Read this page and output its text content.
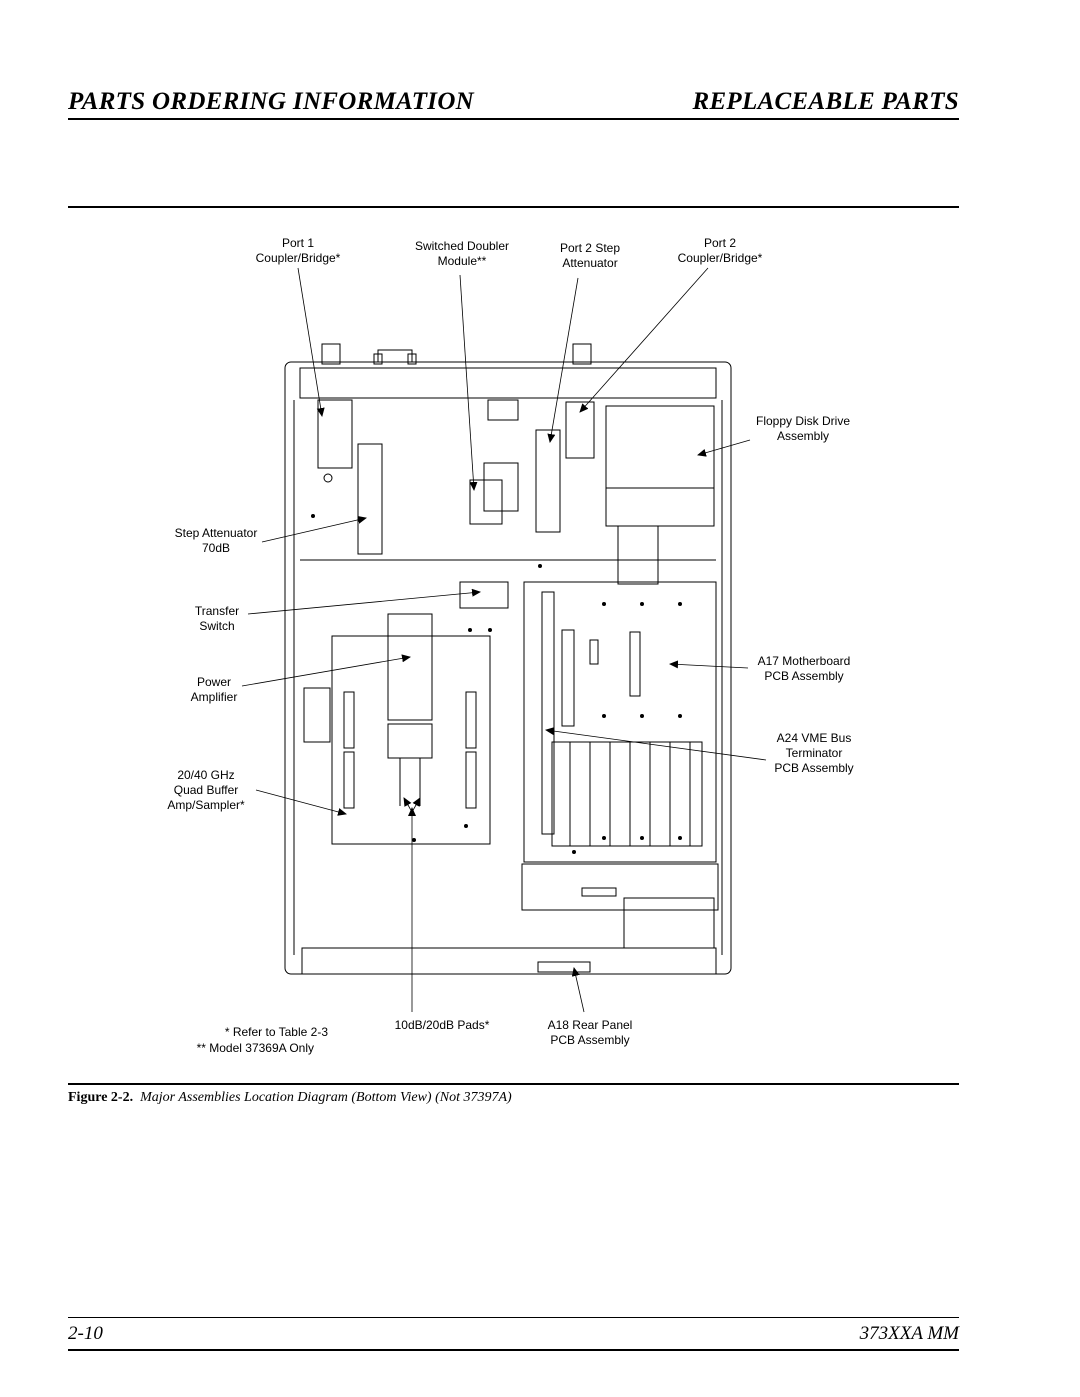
PARTS ORDERING INFORMATION	REPLACEABLE PARTS
Port 1
Coupler/Bridge*
Switched Doubler
Module**
Port 2 Step
Attenuator
Port 2
Coupler/Bridge*
Floppy Disk Drive
Assembly
Step Attenuator
70dB
Transfer
Switch
Power
Amplifier
A17 Motherboard
PCB Assembly
A24 VME Bus
Terminator
PCB Assembly
20/40 GHz
Quad Buffer
Amp/Sampler*
10dB/20dB Pads*	A18 Rear Panel
PCB Assembly
* Refer to Table 2-3
** Model 37369A Only
Figure 2-2. Major Assemblies Location Diagram (Bottom View) (Not 37397A)
2-10	373XXA MM
